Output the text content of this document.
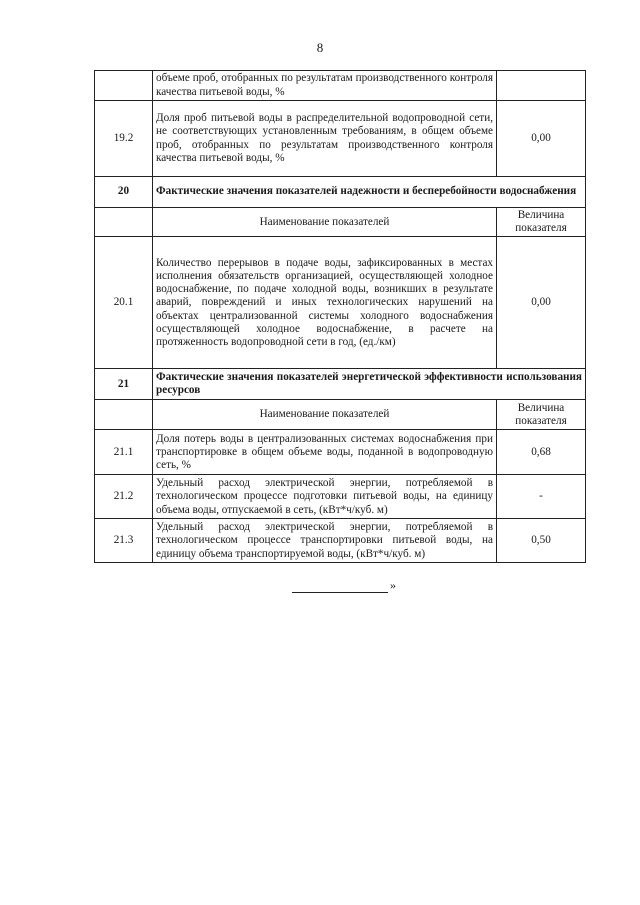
8
	объеме проб, отобранных по результатам производственного контроля качества питьевой воды, %	
19.2	Доля проб питьевой воды в распределительной водопроводной сети, не соответствующих установленным требованиям, в общем объеме проб, отобранных по результатам производственного контроля качества питьевой воды, %	0,00
20	Фактические значения показателей надежности и бесперебойности водоснабжения	
	Наименование показателей	Величина показателя
20.1	Количество перерывов в подаче воды, зафиксированных в местах исполнения обязательств организацией, осуществляющей холодное водоснабжение, по подаче холодной воды, возникших в результате аварий, повреждений и иных технологических нарушений на объектах централизованной системы холодного водоснабжения осуществляющей холодное водоснабжение, в расчете на протяженность водопроводной сети в год, (ед./км)	0,00
21	Фактические значения показателей энергетической эффективности использования ресурсов	
	Наименование показателей	Величина показателя
21.1	Доля потерь воды в централизованных системах водоснабжения при транспортировке в общем объеме воды, поданной в водопроводную сеть, %	0,68
21.2	Удельный расход электрической энергии, потребляемой в технологическом процессе подготовки питьевой воды, на единицу объема воды, отпускаемой в сеть, (кВт*ч/куб. м)	-
21.3	Удельный расход электрической энергии, потребляемой в технологическом процессе транспортировки питьевой воды, на единицу объема транспортируемой воды, (кВт*ч/куб. м)	0,50
»
